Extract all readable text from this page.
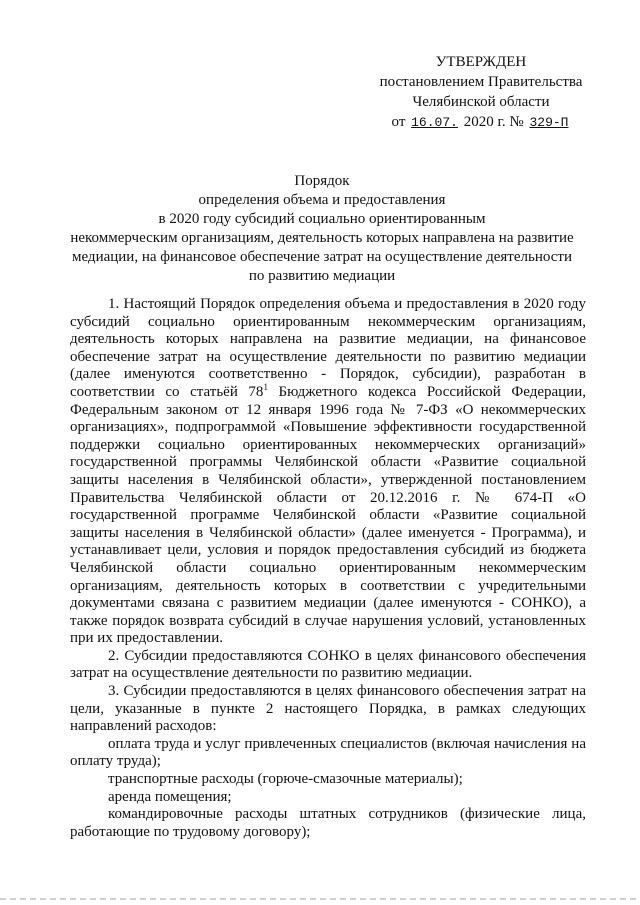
УТВЕРЖДЕН
постановлением Правительства
Челябинской области
от 16.07. 2020 г. № 329-П
Порядок
определения объема и предоставления
в 2020 году субсидий социально ориентированным
некоммерческим организациям, деятельность которых направлена на развитие
медиации, на финансовое обеспечение затрат на осуществление деятельности
по развитию медиации

1. Настоящий Порядок определения объема и предоставления в 2020 году субсидий социально ориентированным некоммерческим организациям, деятельность которых направлена на развитие медиации, на финансовое обеспечение затрат на осуществление деятельности по развитию медиации (далее именуются соответственно - Порядок, субсидии), разработан в соответствии со статьёй $78^1$ Бюджетного кодекса Российской Федерации, Федеральным законом от 12 января 1996 года № 7-ФЗ «О некоммерческих организациях», подпрограммой «Повышение эффективности государственной поддержки социально ориентированных некоммерческих организаций» государственной программы Челябинской области «Развитие социальной защиты населения в Челябинской области», утвержденной постановлением Правительства Челябинской области от 20.12.2016 г. № 674-П «О государственной программе Челябинской области «Развитие социальной защиты населения в Челябинской области» (далее именуется - Программа), и устанавливает цели, условия и порядок предоставления субсидий из бюджета Челябинской области социально ориентированным некоммерческим организациям, деятельность которых в соответствии с учредительными документами связана с развитием медиации (далее именуются - СОНКО), а также порядок возврата субсидий в случае нарушения условий, установленных при их предоставлении.

2. Субсидии предоставляются СОНКО в целях финансового обеспечения затрат на осуществление деятельности по развитию медиации.

3. Субсидии предоставляются в целях финансового обеспечения затрат на цели, указанные в пункте 2 настоящего Порядка, в рамках следующих направлений расходов:

оплата труда и услуг привлеченных специалистов (включая начисления на оплату труда);

транспортные расходы (горюче-смазочные материалы);

аренда помещения;

командировочные расходы штатных сотрудников (физические лица, работающие по трудовому договору);
